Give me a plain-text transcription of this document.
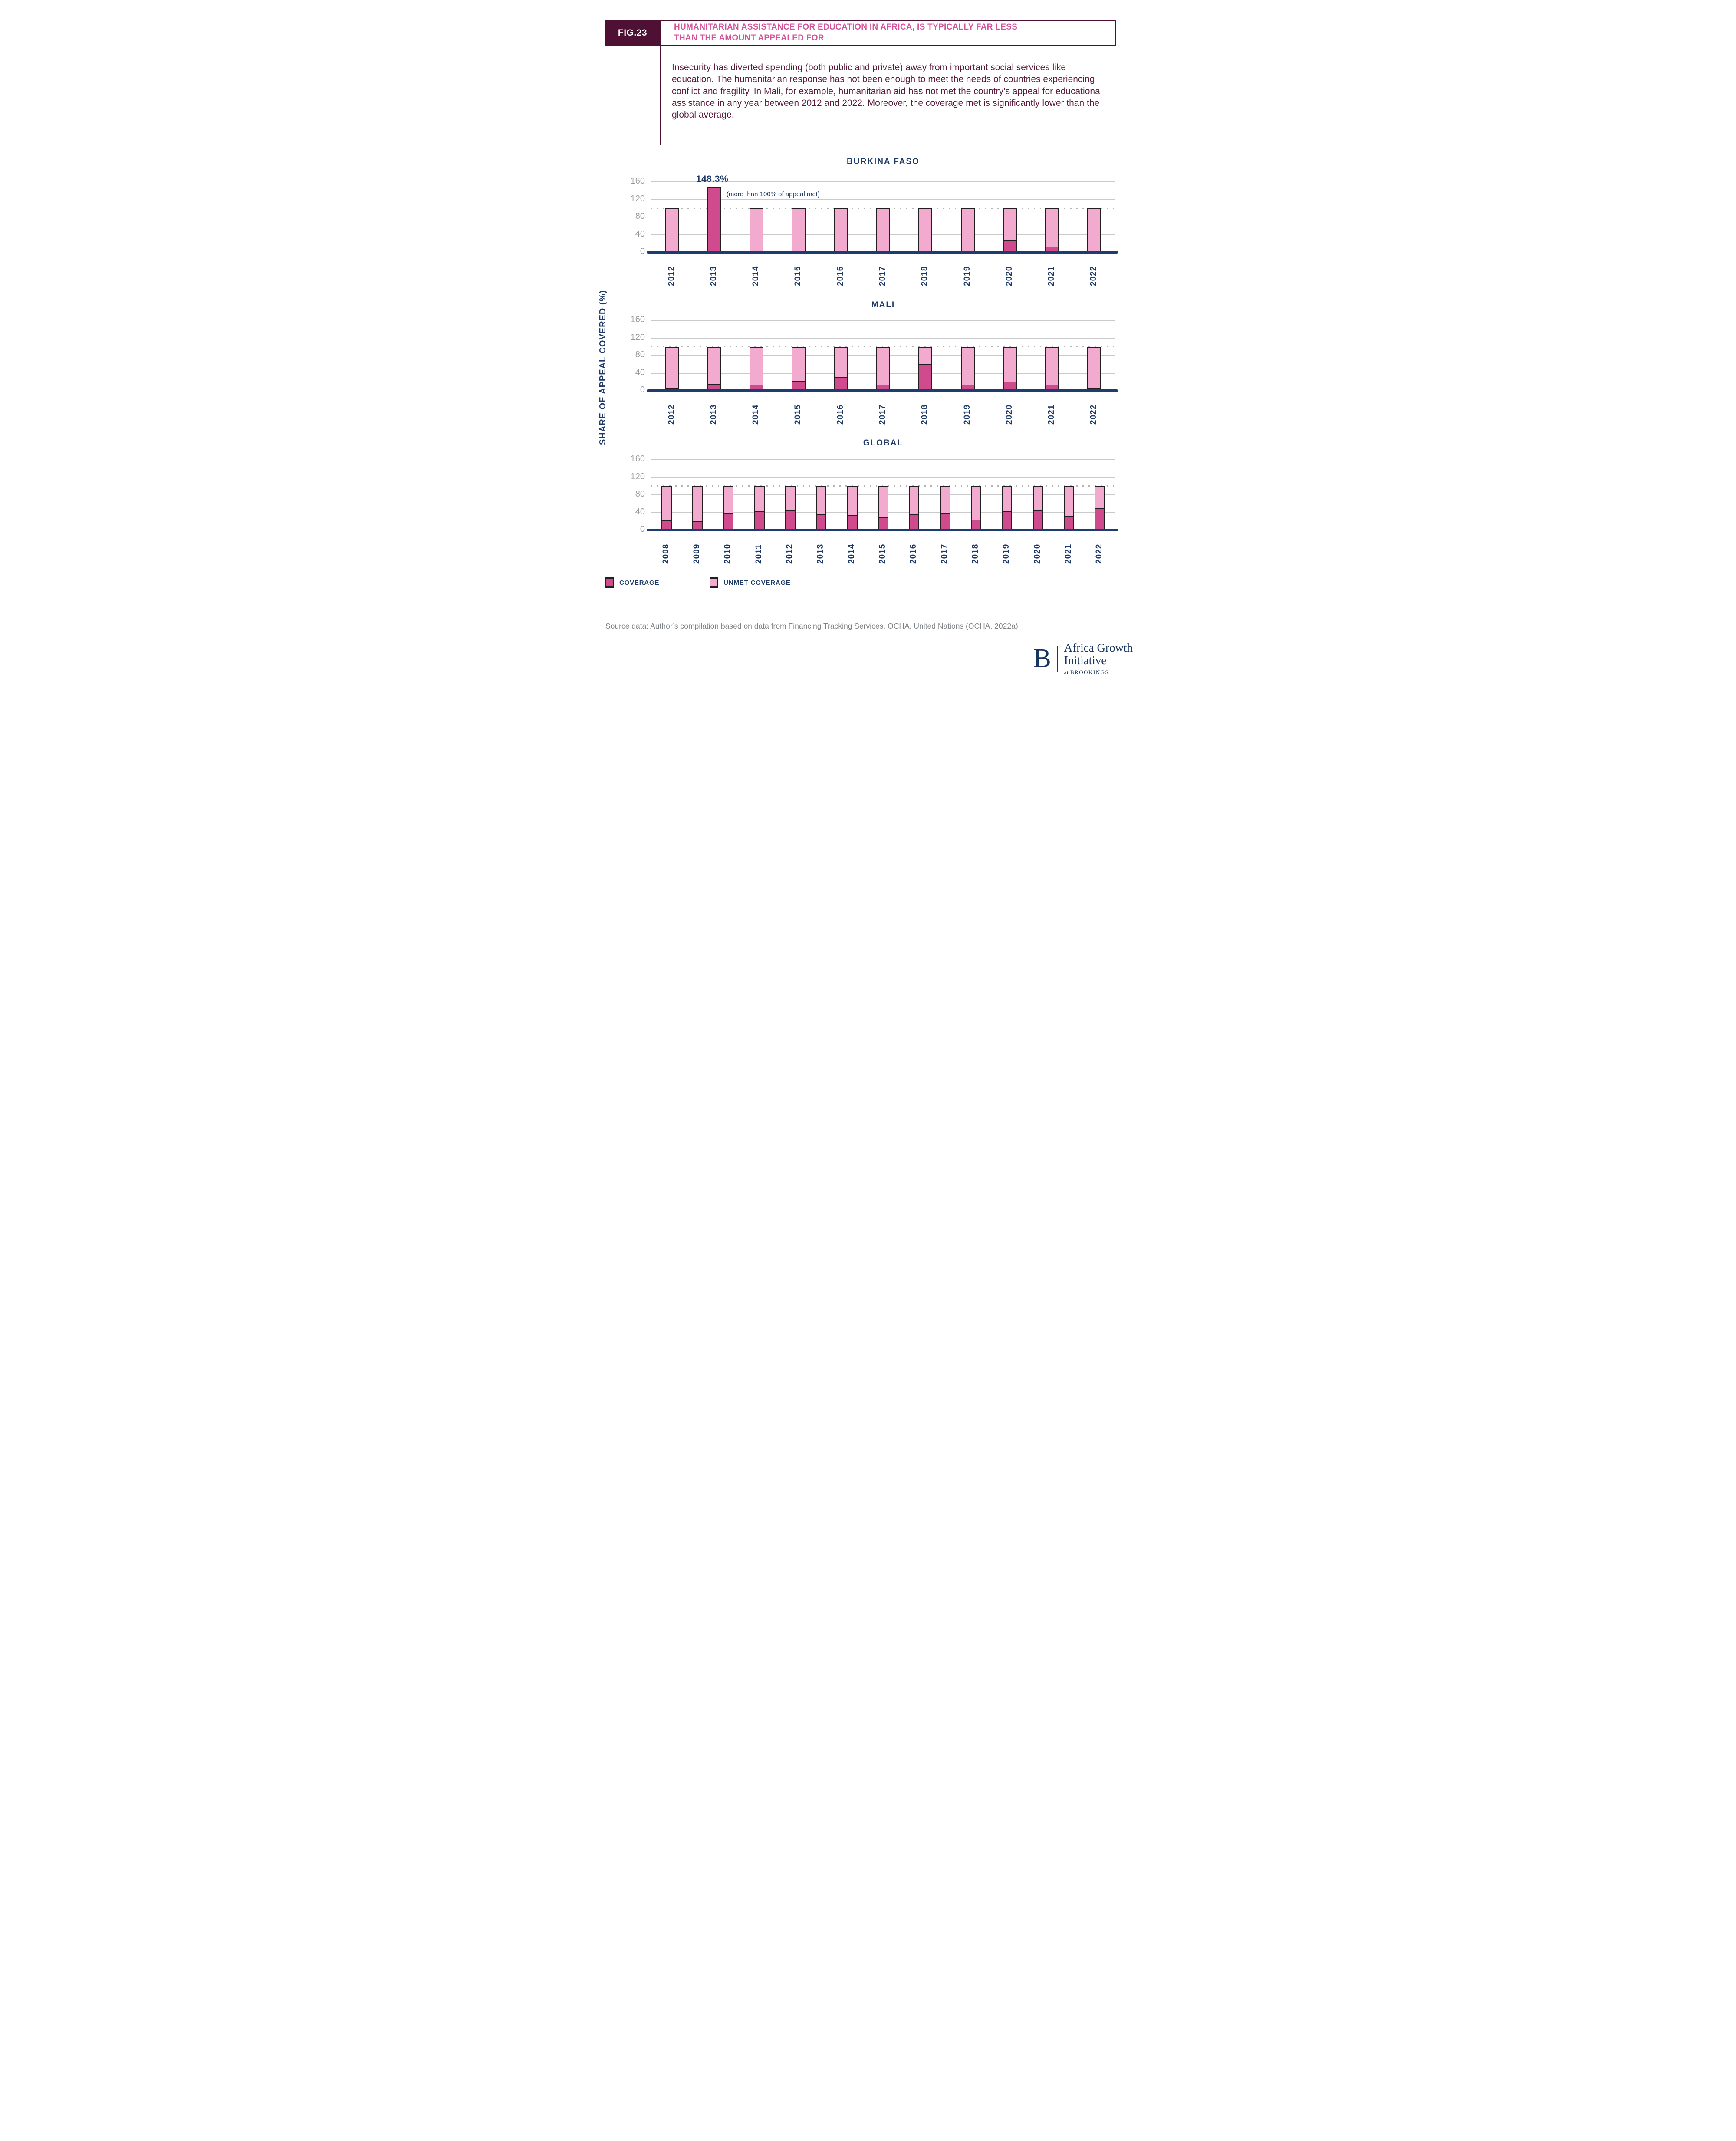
FIG.23
HUMANITARIAN ASSISTANCE FOR EDUCATION IN AFRICA, IS TYPICALLY FAR LESS THAN THE AMOUNT APPEALED FOR
Insecurity has diverted spending (both public and private) away from important social services like education. The humanitarian response has not been enough to meet the needs of countries experiencing conflict and fragility. In Mali, for example, humanitarian aid has not met the country’s appeal for educational assistance in any year between 2012 and 2022. Moreover, the coverage met is significantly lower than the global average.
SHARE OF APPEAL COVERED (%)
BURKINA FASO
0
40
80
120
160	148.3%
(more than 100% of appeal met)
2012	2013	2014	2015	2016	2017	2018	2019	2020	2021	2022
MALI
0
40
80
120
160
2012	2013	2014	2015	2016	2017	2018	2019	2020	2021	2022
GLOBAL
0
40
80
120
160
2008	2009	2010	2011	2012	2013	2014	2015	2016	2017	2018	2019	2020	2021	2022
COVERAGE	UNMET COVERAGE
Source data: Author’s compilation based on data from Financing Tracking Services, OCHA, United Nations (OCHA, 2022a)
B Africa Growth
Initiative
at BROOKINGS
